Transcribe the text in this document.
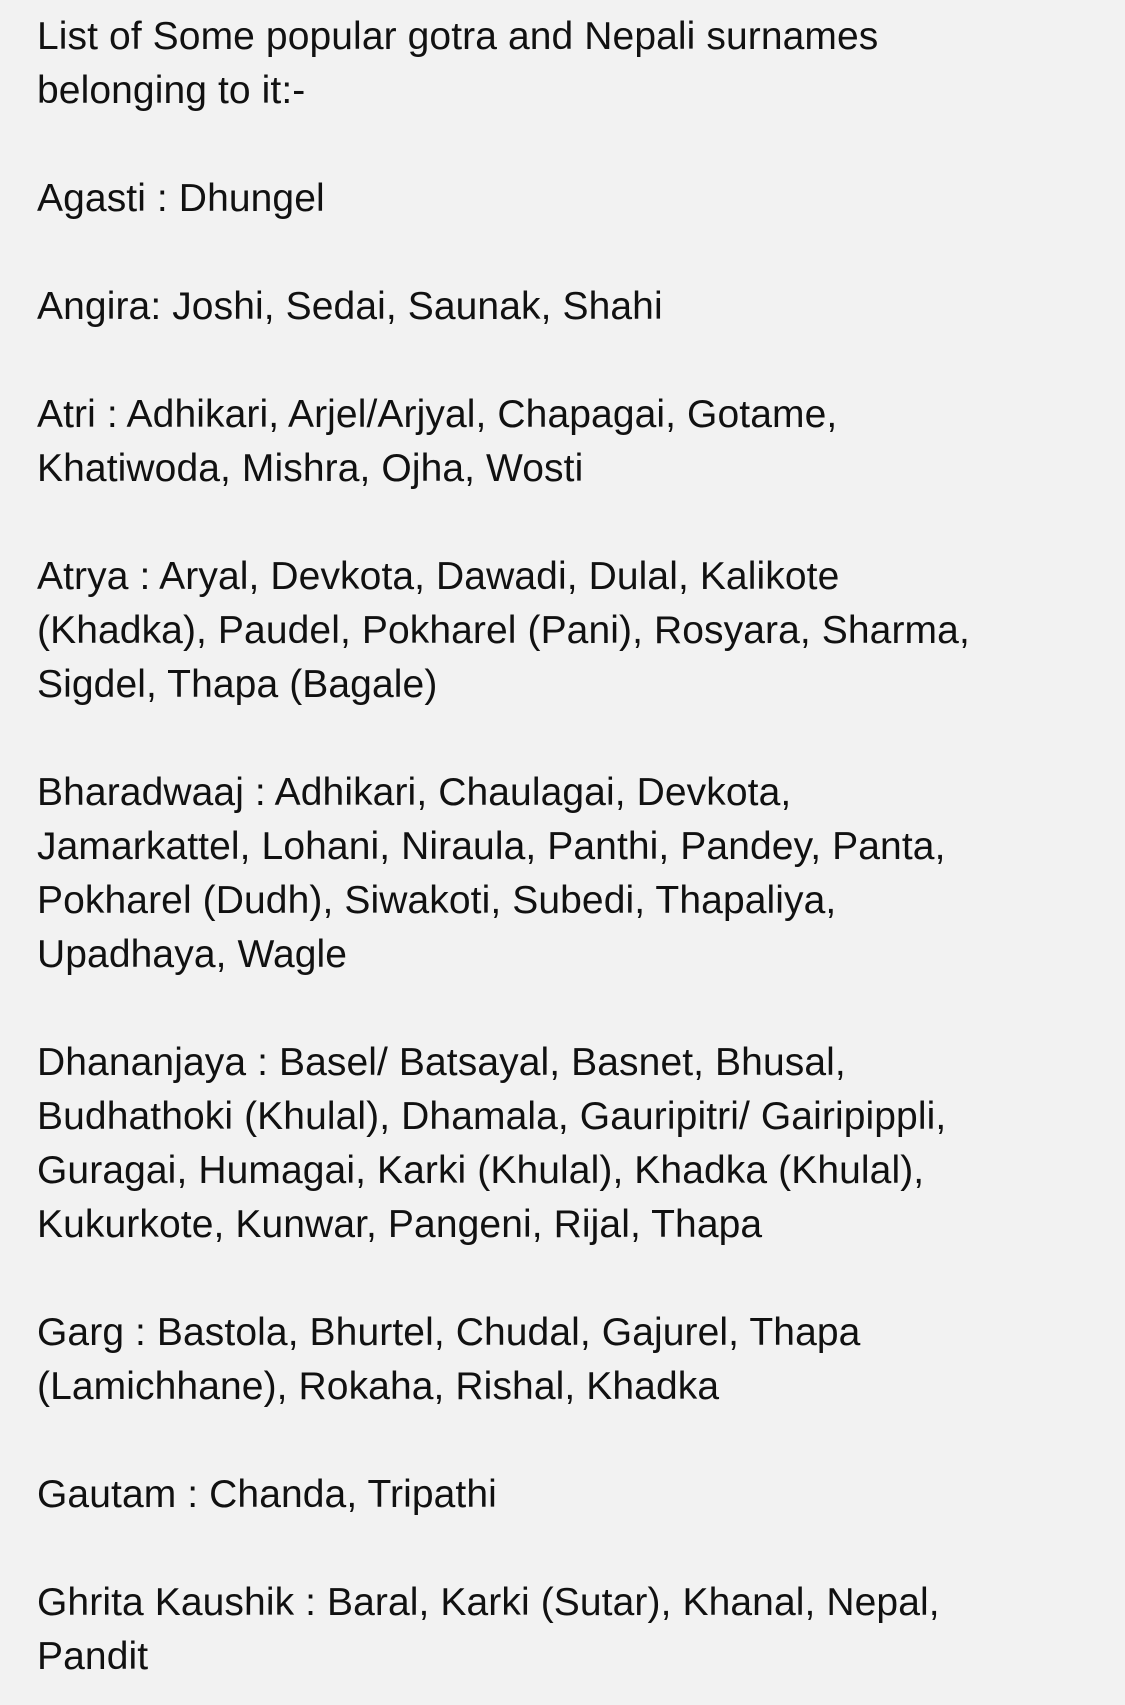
List of Some popular gotra and Nepali surnames
belonging to it:-

Agasti : Dhungel

Angira: Joshi, Sedai, Saunak, Shahi

Atri : Adhikari, Arjel/Arjyal, Chapagai, Gotame,
Khatiwoda, Mishra, Ojha, Wosti

Atrya : Aryal, Devkota, Dawadi, Dulal, Kalikote
(Khadka), Paudel, Pokharel (Pani), Rosyara, Sharma,
Sigdel, Thapa (Bagale)

Bharadwaaj : Adhikari, Chaulagai, Devkota,
Jamarkattel, Lohani, Niraula, Panthi, Pandey, Panta,
Pokharel (Dudh), Siwakoti, Subedi, Thapaliya,
Upadhaya, Wagle

Dhananjaya : Basel/ Batsayal, Basnet, Bhusal,
Budhathoki (Khulal), Dhamala, Gauripitri/ Gairipippli,
Guragai, Humagai, Karki (Khulal), Khadka (Khulal),
Kukurkote, Kunwar, Pangeni, Rijal, Thapa

Garg : Bastola, Bhurtel, Chudal, Gajurel, Thapa
(Lamichhane), Rokaha, Rishal, Khadka

Gautam : Chanda, Tripathi

Ghrita Kaushik : Baral, Karki (Sutar), Khanal, Nepal,
Pandit
